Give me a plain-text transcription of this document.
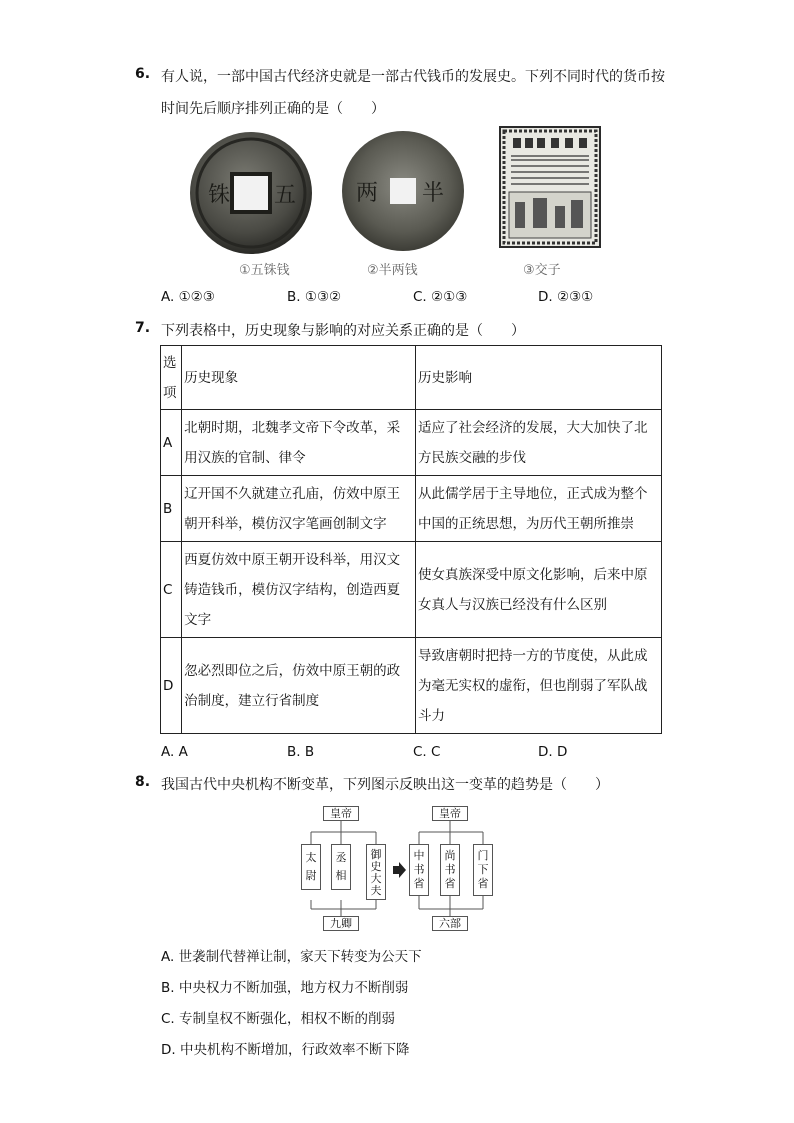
6. 有人说，一部中国古代经济史就是一部古代钱币的发展史。下列不同时代的货币按
时间先后顺序排列正确的是（　　）
铢 五
①五铢钱
两 半
②半两钱	③交子
A. ①②③	B. ①③②	C. ②①③	D. ②③①
7. 下列表格中，历史现象与影响的对应关系正确的是（　　）
选
项	历史现象	历史影响
A	北朝时期，北魏孝文帝下令改革，采
用汉族的官制、律令	适应了社会经济的发展，大大加快了北
方民族交融的步伐

B	辽开国不久就建立孔庙，仿效中原王
朝开科举，模仿汉字笔画创制文字	从此儒学居于主导地位，正式成为整个
中国的正统思想，为历代王朝所推崇

C	西夏仿效中原王朝开设科举，用汉文
铸造钱币，模仿汉字结构，创造西夏
文字	使女真族深受中原文化影响，后来中原
女真人与汉族已经没有什么区别

D	忽必烈即位之后，仿效中原王朝的政
治制度，建立行省制度	导致唐朝时把持一方的节度使，从此成
为毫无实权的虚衔，但也削弱了军队战
斗力
A. A	B. B	C. C	D. D
8. 我国古代中央机构不断变革，下列图示反映出这一变革的趋势是（　　）
皇帝
太
尉
丞
相
御
史
大
夫
九卿
皇帝
中
书
省
尚
书
省
门
下
省
六部
A. 世袭制代替禅让制，家天下转变为公天下
B. 中央权力不断加强，地方权力不断削弱
C. 专制皇权不断强化，相权不断的削弱
D. 中央机构不断增加，行政效率不断下降
